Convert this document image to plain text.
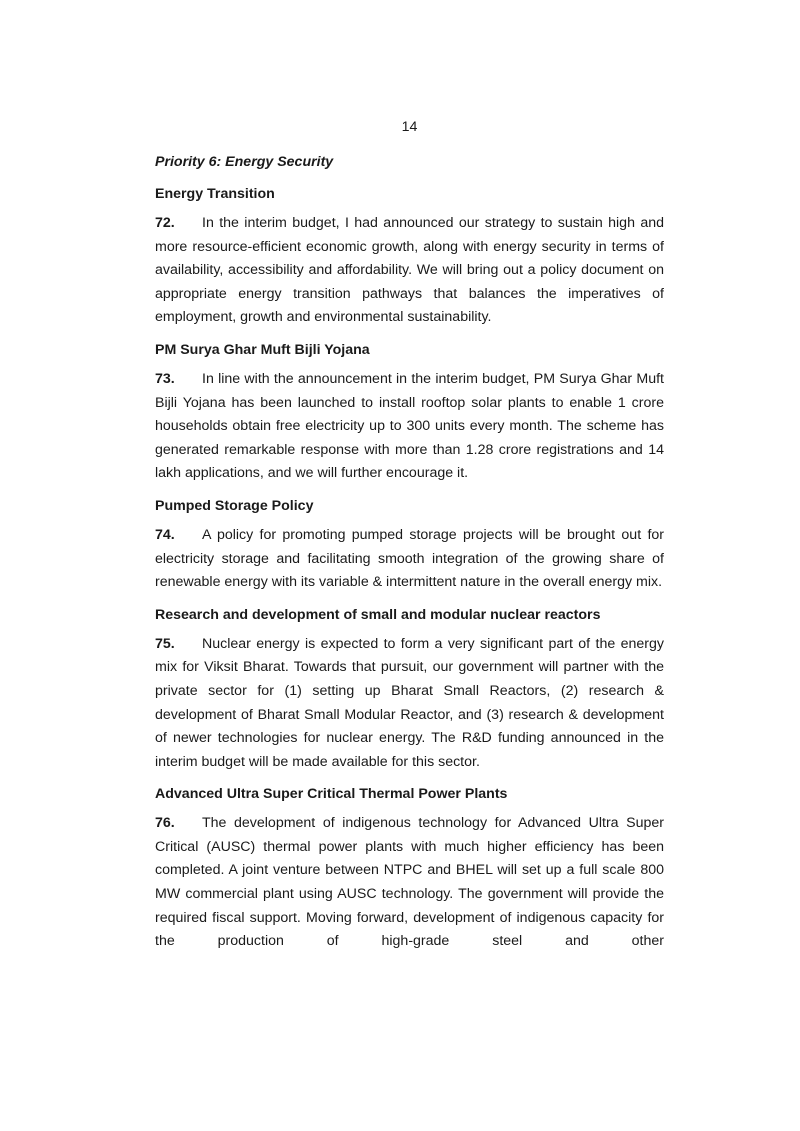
14
Priority 6: Energy Security
Energy Transition

72. In the interim budget, I had announced our strategy to sustain high and more resource-efficient economic growth, along with energy security in terms of availability, accessibility and affordability. We will bring out a policy document on appropriate energy transition pathways that balances the imperatives of employment, growth and environmental sustainability.

PM Surya Ghar Muft Bijli Yojana

73. In line with the announcement in the interim budget, PM Surya Ghar Muft Bijli Yojana has been launched to install rooftop solar plants to enable 1 crore households obtain free electricity up to 300 units every month. The scheme has generated remarkable response with more than 1.28 crore registrations and 14 lakh applications, and we will further encourage it.

Pumped Storage Policy

74. A policy for promoting pumped storage projects will be brought out for electricity storage and facilitating smooth integration of the growing share of renewable energy with its variable & intermittent nature in the overall energy mix.

Research and development of small and modular nuclear reactors

75. Nuclear energy is expected to form a very significant part of the energy mix for Viksit Bharat. Towards that pursuit, our government will partner with the private sector for (1) setting up Bharat Small Reactors, (2) research & development of Bharat Small Modular Reactor, and (3) research & development of newer technologies for nuclear energy. The R&D funding announced in the interim budget will be made available for this sector.

Advanced Ultra Super Critical Thermal Power Plants

76. The development of indigenous technology for Advanced Ultra Super Critical (AUSC) thermal power plants with much higher efficiency has been completed. A joint venture between NTPC and BHEL will set up a full scale 800 MW commercial plant using AUSC technology. The government will provide the required fiscal support. Moving forward, development of indigenous capacity for the production of high-grade steel and other
